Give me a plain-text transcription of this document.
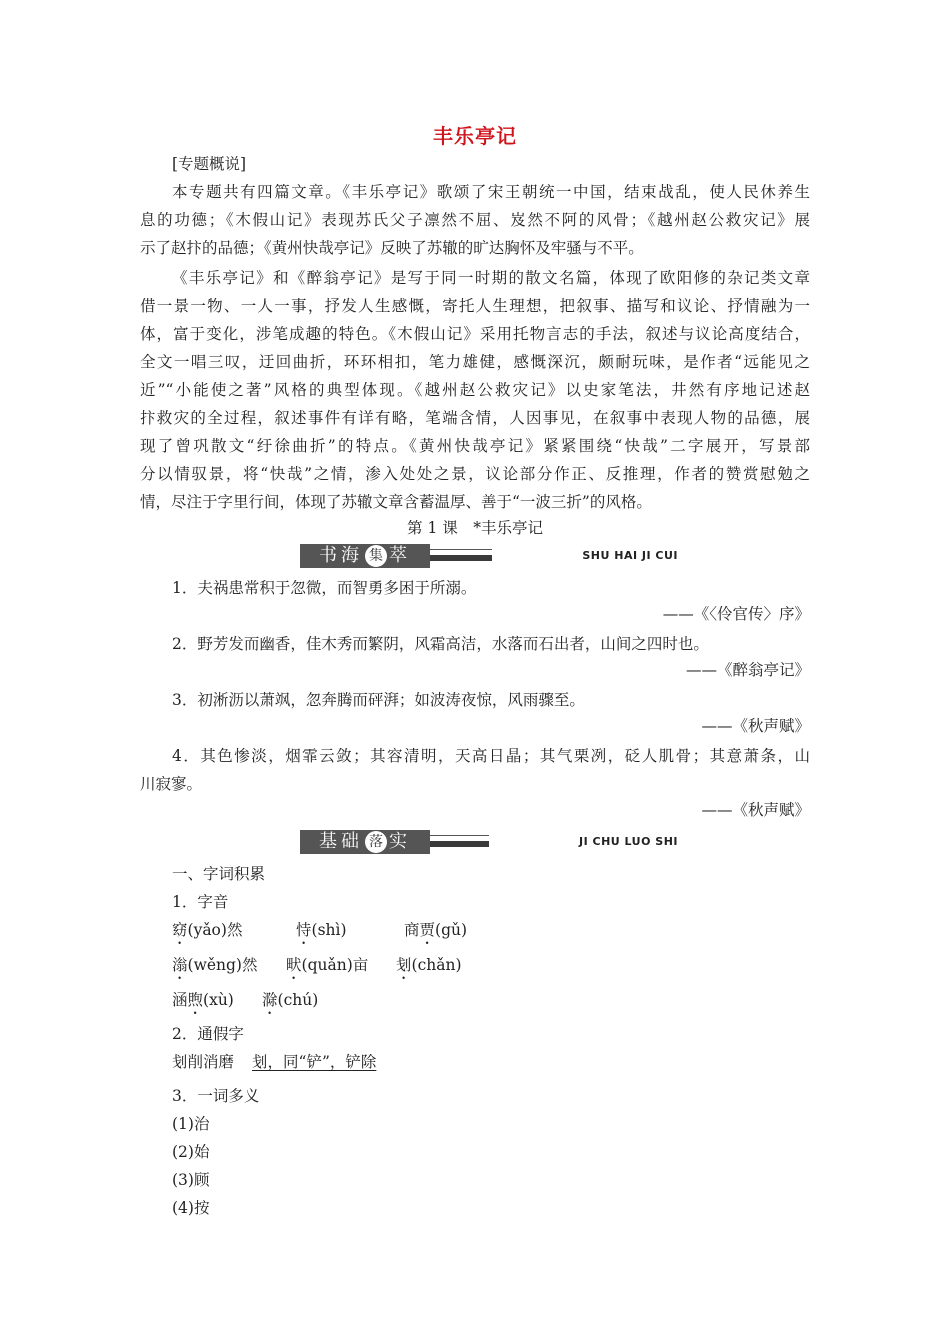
丰乐亭记
[专题概说]
本专题共有四篇文章。《丰乐亭记》歌颂了宋王朝统一中国，结束战乱，使人民休养生
息的功德；《木假山记》表现苏氏父子凛然不屈、岌然不阿的风骨；《越州赵公救灾记》展
示了赵抃的品德；《黄州快哉亭记》反映了苏辙的旷达胸怀及牢骚与不平。
《丰乐亭记》和《醉翁亭记》是写于同一时期的散文名篇，体现了欧阳修的杂记类文章
借一景一物、一人一事，抒发人生感慨，寄托人生理想，把叙事、描写和议论、抒情融为一
体，富于变化，涉笔成趣的特色。《木假山记》采用托物言志的手法，叙述与议论高度结合，
全文一唱三叹，迂回曲折，环环相扣，笔力雄健，感慨深沉，颇耐玩味，是作者“远能见之
近”“小能使之著”风格的典型体现。《越州赵公救灾记》以史家笔法，井然有序地记述赵
抃救灾的全过程，叙述事件有详有略，笔端含情，人因事见，在叙事中表现人物的品德，展
现了曾巩散文“纡徐曲折”的特点。《黄州快哉亭记》紧紧围绕“快哉”二字展开，写景部
分以情驭景，将“快哉”之情，渗入处处之景，议论部分作正、反推理，作者的赞赏慰勉之
情，尽注于字里行间，体现了苏辙文章含蓄温厚、善于“一波三折”的风格。
第 1 课　*丰乐亭记
书海 集 萃	SHU HAI JI CUI
1．夫祸患常积于忽微，而智勇多困于所溺。
——《〈伶官传〉序》
2．野芳发而幽香，佳木秀而繁阴，风霜高洁，水落而石出者，山间之四时也。
——《醉翁亭记》
3．初淅沥以萧飒，忽奔腾而砰湃；如波涛夜惊，风雨骤至。
——《秋声赋》
4．其色惨淡，烟霏云敛；其容清明，天高日晶；其气栗冽，砭人肌骨；其意萧条，山
川寂寥。
——《秋声赋》
基础 落 实	JI CHU LUO SHI
一、字词积累
1．字音
窈(yǎo)然	恃(shì)	商贾(gǔ)
滃(wěng)然 畎(quǎn)亩 刬(chǎn)
涵煦(xù) 滁(chú)
2．通假字
刬削消磨 刬，同“铲”，铲除
3．一词多义
(1)治
(2)始
(3)顾
(4)按
